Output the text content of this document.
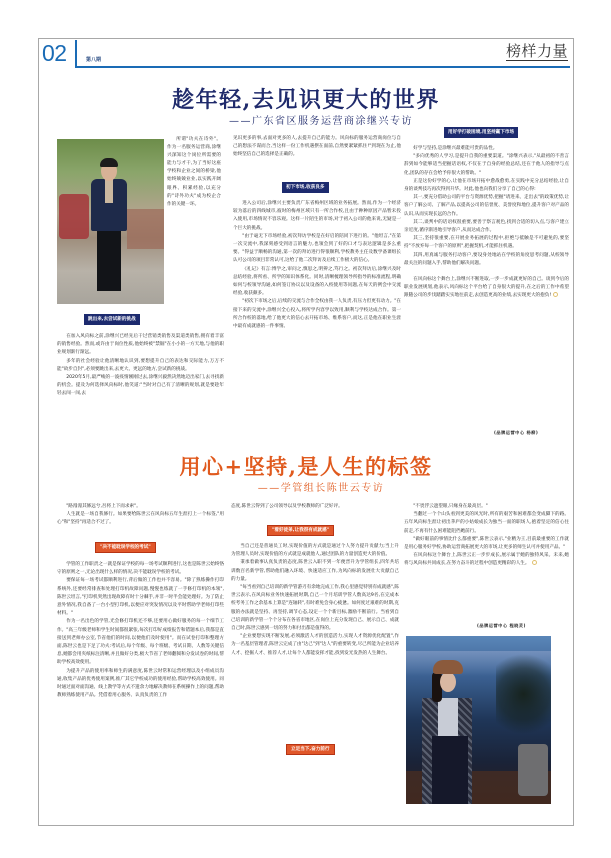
02	第八期	榜样力量
趁年轻,去见识更大的世界
——广东省区服务运营商涂继兴专访

所谓"功夫在诗外"。作为一名服务运营商,涂继兴深知这个岗位所需要的能力与才干,为了当好这座学校和企业之间的桥梁,他始终兢兢业业,以实践开阔眼界、积累经验,以充分的"诗外功夫"成为校企合作的关键一环。

跳出来,去尝试新的挑战

在加入风向标之前,涂继兴已经先后干过营销类销售及渠道类销售,拥有着丰富的销售经验。然而,或许由于岗位性质,他始终被"禁锢"在小小的一方天地,与他的职业规划渐行渐远。

多年的社会经验让他清晰地认识到,要想提升自己的表达和交际能力,万万不能"故步自封",必须要跳出来,去更大、更远的地方,尝试新的挑战。

2020年5月,最严峻的一波疫情刚刚过去,涂继兴毅然决然地迈出家门,去寻找新的机会。提及为何选择风向标时,他笑道:"当时对自己有了清晰的规划,就是要趁年轻去闯一闯,去

见识更多的事,去面对更多的人,去提升自己的能力。风向标的服务运营商岗位与自己的想法不谋而合,当这样一份工作机遇摆在面前,自然要紧紧抓住!"到现在为止,他始终坚信自己的选择是正确的。

初下市场,收获良多

进入公司后,涂继兴主要负责广东省梅州区域的业务拓展。然而,作为一个经济较为落后的四线城市,彼时的梅州区域只有一所合作校,且由于种种原因产品暂未投入使用,市场情况不容乐观。这样一片陌生的市场,对于初入公司的他来说,无疑是一个巨大的挑战。

"由于毫无下市场经验,初次拜访学校是在好启的陪同下进行的。"他坦言,"在第一次交流中,我深刻感受到语言的魅力,也领会到了好的口才与表达逻辑是多么重要。"得益于顺畅的沟通,第一次的拜访进行得很顺利,学校教务主任及数学备课组长认可公司的项目非常认可,这给了他二次拜访及后续工作极大的信心。

《礼记》有言:博学之,审问之,慎思之,明辨之,笃行之。初次拜访后,涂继兴及时总结经验,将所看、所学的知识体系化。同时,清晰梳理领导所指导的标准流程,明确如何与校领导沟通,如何签订协议以及设备的入校使用等问题,在每天的例会中交流经验,收获颇多。

"初次下市场之后,后续的交流与合作全权由我一人负责,有压力但更有动力。"在接下来的交流中,涂继兴全心投入,将所学内容学以致用,顺利与学校达成合作。第一所合作校的落地,给了他更大的信心去开拓市场、维系客户,而这,正是他在职业生涯中最有成就感的一件事情。

用好学打破困境,用坚持赢下市场

好学与坚持,是涂继兴最难能可贵的品性。

"多向优秀的人学习,是提升自我的重要渠道。"涂继兴表示,"从最初的不善言辞到如今能够适当把握话语权,不仅在于自身的经验总结,还在于他人的指导与点化,团队的存在会给予你很大的帮助。"

正是这份好学的心,让他在市场开拓中愈战愈勇,在实践中充分总结经验,让自身的谈判技巧再次得到升华。对此,他也向我们分享了自己的心得:

其一,要充分借助公司的平台与资源优势,把握"请进来、走出去"的政策优势,让客户了解公司、了解产品,以提高公司的信誉度、美誉度和地位,提升客户对产品的认识,从而实现长远的合作。

其二,谈判中的话语权很重要,要善于察言观色,找到合适的切入点,与客户建立亲近度,循序渐进地引导客户,从而达成合作。

其三,坚持很重要,在开展业务拓展的过程中,拒绝与抵触是不可避免的,要坚持"不放弃每一个客户的原则",把握契机,才能抓住机遇。

其四,用真诚与服务打动客户,要设身处地站在学校的角度思考问题,从校领导最关注的问题入手,帮助他们解决问题。

在风向标这个舞台上,涂继兴不断进取,一步一步成就更好的自己。谈到今后的职业发展规划,他表示,风向标这个平台给了自身很大的提升,在之后的工作中希望跟随公司的步伐踏踏实实地往前走,去创造更高的业绩,去实现更大的抱负!

(品牌运营中心 杨柳)
用心+坚持,是人生的标签
——学管组长陈世云专访

"路漫漫其修远兮,吾将上下而求索"。

人生就是一场自我修行。如果要给陈世云在风向标五年生涯打上一个标签,"用心"和"坚持"再适合不过了。

"决不能耽误学校的考试"

学管的工作职责之一就是保证学校的每一场考试顺利进行,这也是陈世云始终恪守的原则之一,无论出现什么样的情况,决不能耽误学校的考试。

要保证每一场考试都顺利进行,背后做的工作也并不容易。"除了熟练操作打印系统外,还要经常排查和处理打印机故障问题,慢慢也练就了一手修打印机的本领",陈世云坦言,"打印机突然出现故障有时十分棘手,并非一时半会能处理好。为了防止意外情况,我自备了一台小型打印机,以便应对突发情况以及平时帮助学老师打印些材料。"

作为一名出色的学管,光会修打印机还不够,还要用心做好服务的每一个细节工作。"高三年级老师和学生时间都很紧张,每次打印好成绩报告和错题本后,我都是直接送到老师办公室,节省他们的时间,以便他们及时使用"。而在试卷打印和整理方面,陈世云也是下足了功夫:考试后,每个年级、每个班级、考试日期、人数等关键信息,她都会用夹纸标注清晰,并且做好分类,极大节省了老师翻阅和分发试卷的时间,帮助学校高效使用。

为提升产品的使用率和师生的满意度,陈世云时常和运营经理以及小组成员沟通,收集产品的优秀使用案例,推广其它学校成功的使用经验,帮助学校高效使用。同时通过面对面沟通、线上教学等方式不遗余力地解决教师在系统操作上的问题,帮助教师熟练使用产品。凭借着用心服务、认真负责的工作

态度,陈世云得到了公司领导以及学校教师的广泛好评。

"看好徒弟,让我很有成就感"

当自己还是普通员工时,实现价值的方式就是通过个人努力提升贡献力;当上升为管理人员时,实现价值的方式就是成就他人,通过团队的力量创造更大的价值。

秉承着做事认真负责的态度,陈世云入职不到一年便晋升为学管组长,四年共培训数百名新学管,帮助他们融入环境、快速适应工作,为风向标的发展壮大贡献自己的力量。

"每当看到自己培训的新学管游刃有余地完成工作,我心里感觉特别有成就感",陈世云表示,在风向标业务快速拓展时期,自己一个月培训学管人数高达9名,在完成本校考务工作之余基本上算是"连轴转",有时难免会身心疲惫。如何度过艰难的时期,克服的办法就是坚持、再坚持,调节心态,设定一个个新目标,激励不断前行。当看到自己培训的新学管一个个分布在各省市地区,在岗位上充分发现自己、展示自己、成就自己时,陈世云感到一切的努力和付出都是值得的。

"企业要想实现不断发展,必须激活人才的创造活力,实现人才资源优化配置",作为一名基层管理者,陈世云完成了由"达己"到"达人"的重要转变,尽己所能为企业培养人才、挖掘人才、推荐人才,让每个人都能发挥才能,找到发光发热的人生舞台。

立足当下,奋力前行

"不畏浮云遮望眼,只缘身在最高层。"

当翻过一个个山头看到更美的风光时,所有的艰苦和困难都会变成脚下的路。五年风向标生涯让初出茅庐的小姑娘成长为独当一面的职场人,抱着坚定的信心往前走,不再有什么困难能阻挡她前行。

"做好眼前的事情比什么都重要",陈世云表示,"业精为王,目前最重要的工作就是用心服务好学校,协助运营商拓展更大的市场,让更多的师生认可并使用产品。"

在风向标这个舞台上,陈世云正一步步成长,展示属于她的独特风采。未来,她将与风向标共同成长,在努力奋斗的过程中创造更精彩的人生。

(品牌运营中心 程晓灵)
